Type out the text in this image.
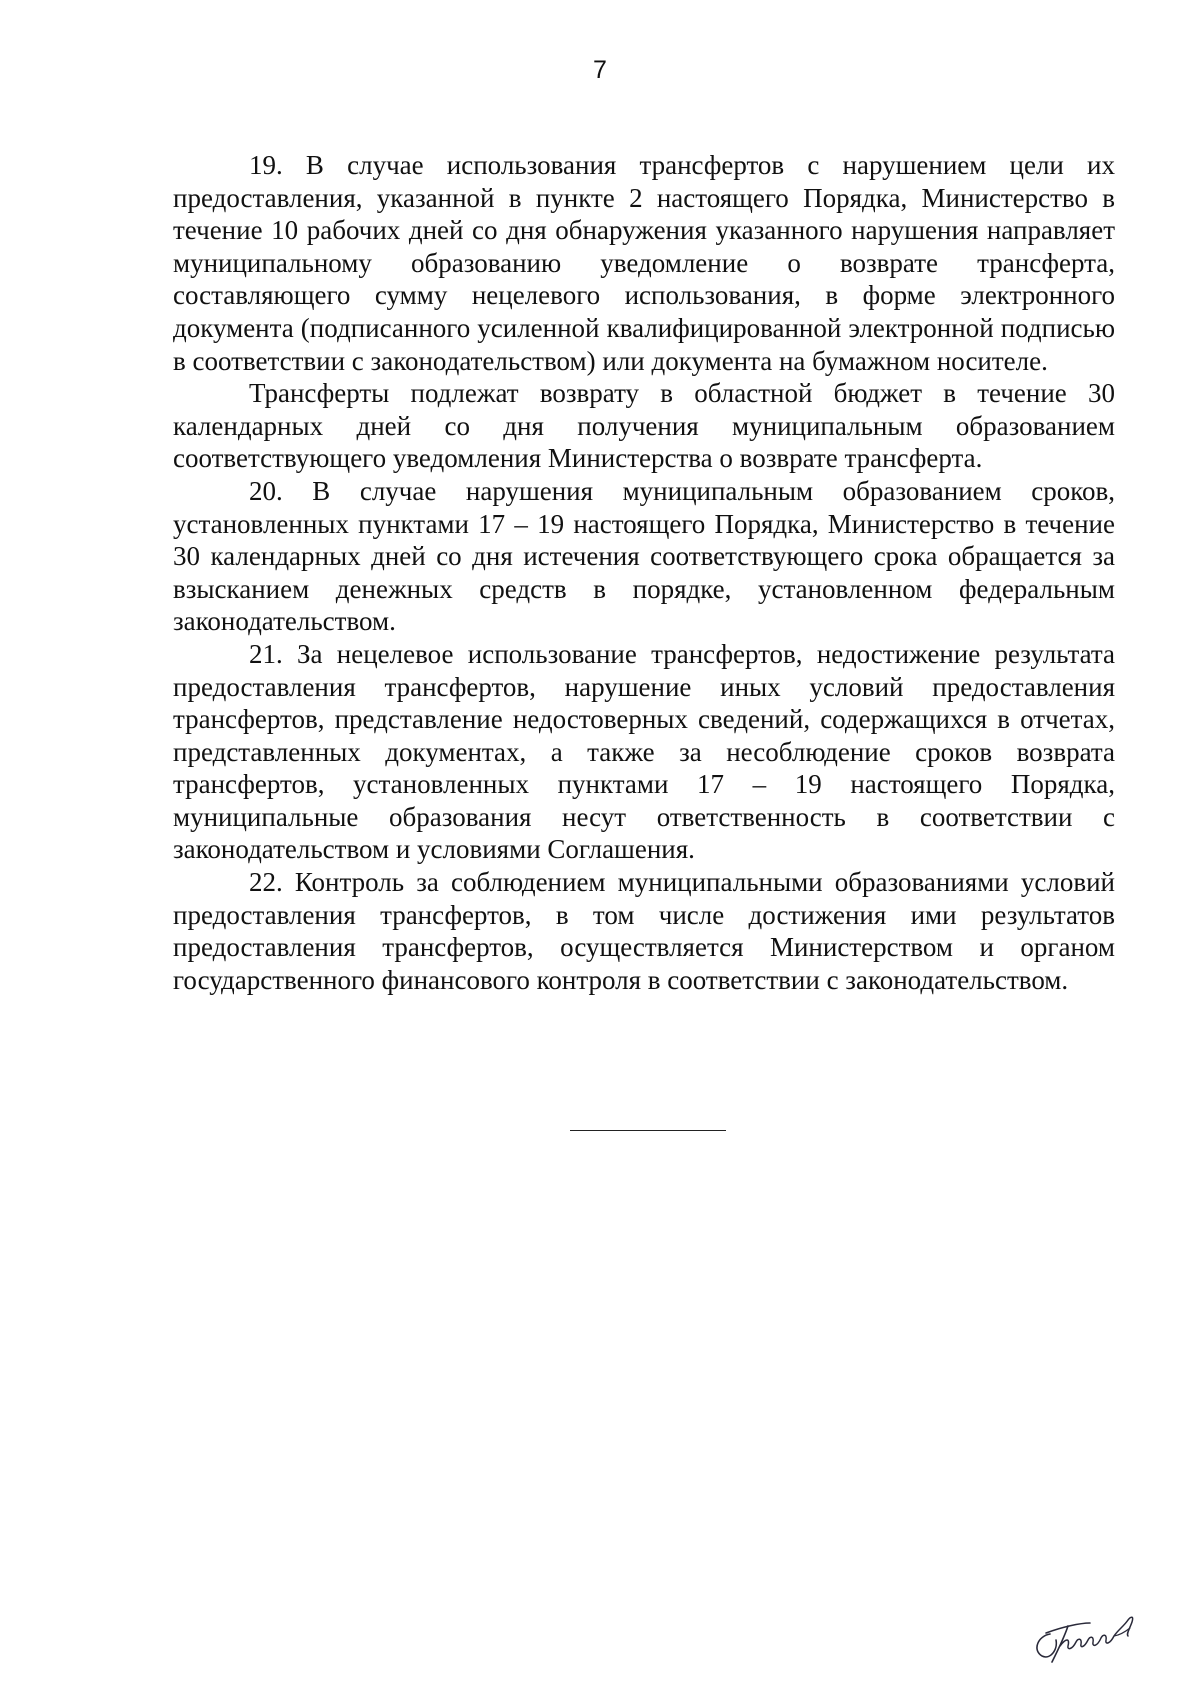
7

19. В случае использования трансфертов с нарушением цели их предоставления, указанной в пункте 2 настоящего Порядка, Министерство в течение 10 рабочих дней со дня обнаружения указанного нарушения направляет муниципальному образованию уведомление о возврате трансферта, составляющего сумму нецелевого использования, в форме электронного документа (подписанного усиленной квалифицированной электронной подписью в соответствии с законодательством) или документа на бумажном носителе.

Трансферты подлежат возврату в областной бюджет в течение 30 календарных дней со дня получения муниципальным образованием соответствующего уведомления Министерства о возврате трансферта.

20. В случае нарушения муниципальным образованием сроков, установленных пунктами 17 – 19 настоящего Порядка, Министерство в течение 30 календарных дней со дня истечения соответствующего срока обращается за взысканием денежных средств в порядке, установленном федеральным законодательством.

21. За нецелевое использование трансфертов, недостижение результата предоставления трансфертов, нарушение иных условий предоставления трансфертов, представление недостоверных сведений, содержащихся в отчетах, представленных документах, а также за несоблюдение сроков возврата трансфертов, установленных пунктами 17 – 19 настоящего Порядка, муниципальные образования несут ответственность в соответствии с законодательством и условиями Соглашения.

22. Контроль за соблюдением муниципальными образованиями условий предоставления трансфертов, в том числе достижения ими результатов предоставления трансфертов, осуществляется Министерством и органом государственного финансового контроля в соответствии с законодательством.

Tuccus
